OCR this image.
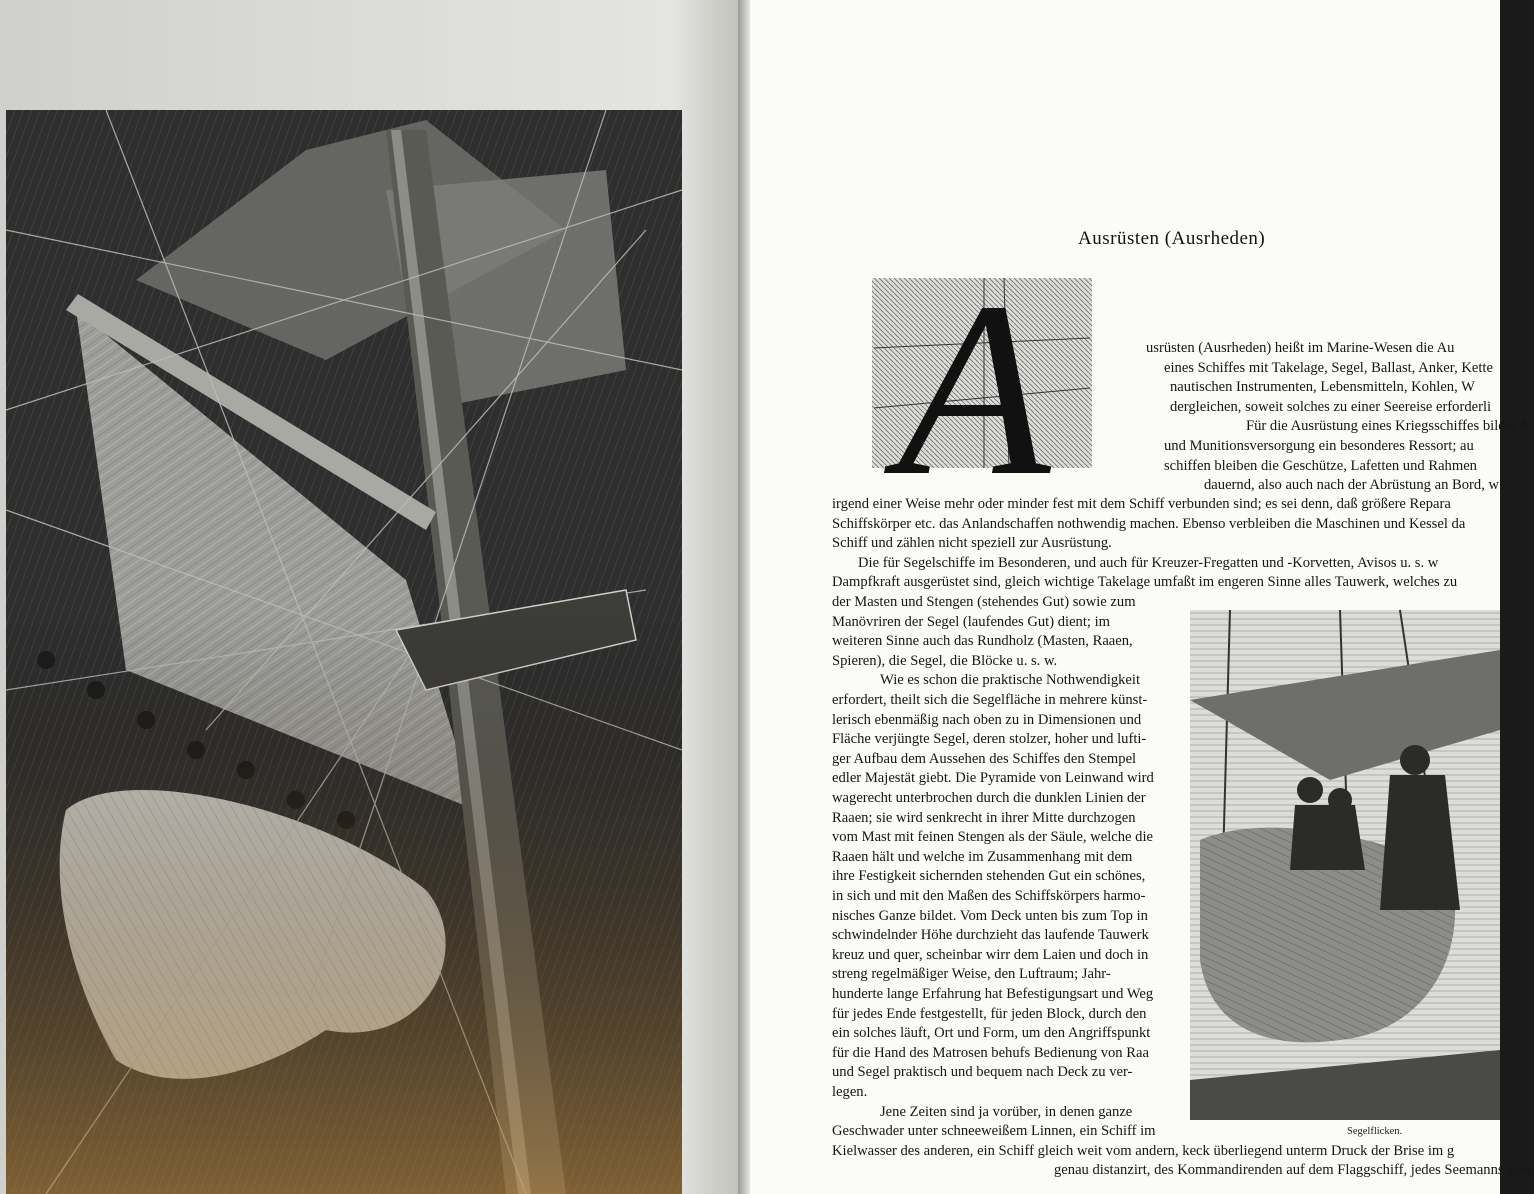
Ausrüsten (Ausrheden)
A	usrüsten (Ausrheden) heißt im Marine-Wesen die Au
eines Schiffes mit Takelage, Segel, Ballast, Anker, Kette
nautischen Instrumenten, Lebensmitteln, Kohlen, W
dergleichen, soweit solches zu einer Seereise erforderli
Für die Ausrüstung eines Kriegsschiffes bildet A
und Munitionsversorgung ein besonderes Ressort; au
schiffen bleiben die Geschütze, Lafetten und Rahmen
dauernd, also auch nach der Abrüstung an Bord, w
irgend einer Weise mehr oder minder fest mit dem Schiff verbunden sind; es sei denn, daß größere Repara
Schiffskörper etc. das Anlandschaffen nothwendig machen. Ebenso verbleiben die Maschinen und Kessel da
Schiff und zählen nicht speziell zur Ausrüstung.
Die für Segelschiffe im Besonderen, und auch für Kreuzer-Fregatten und -Korvetten, Avisos u. s. w
Dampfkraft ausgerüstet sind, gleich wichtige Takelage umfaßt im engeren Sinne alles Tauwerk, welches zu
der Masten und Stengen (stehendes Gut) sowie zum
Manövriren der Segel (laufendes Gut) dient; im
weiteren Sinne auch das Rundholz (Masten, Raaen,
Spieren), die Segel, die Blöcke u. s. w.
Wie es schon die praktische Nothwendigkeit
erfordert, theilt sich die Segelfläche in mehrere künst-
lerisch ebenmäßig nach oben zu in Dimensionen und
Fläche verjüngte Segel, deren stolzer, hoher und lufti-
ger Aufbau dem Aussehen des Schiffes den Stempel
edler Majestät giebt. Die Pyramide von Leinwand wird
wagerecht unterbrochen durch die dunklen Linien der
Raaen; sie wird senkrecht in ihrer Mitte durchzogen
vom Mast mit feinen Stengen als der Säule, welche die
Raaen hält und welche im Zusammenhang mit dem
ihre Festigkeit sichernden stehenden Gut ein schönes,
in sich und mit den Maßen des Schiffskörpers harmo-
nisches Ganze bildet. Vom Deck unten bis zum Top in
schwindelnder Höhe durchzieht das laufende Tauwerk
kreuz und quer, scheinbar wirr dem Laien und doch in
streng regelmäßiger Weise, den Luftraum; Jahr-
hunderte lange Erfahrung hat Befestigungsart und Weg
für jedes Ende festgestellt, für jeden Block, durch den
ein solches läuft, Ort und Form, um den Angriffspunkt
für die Hand des Matrosen behufs Bedienung von Raa
und Segel praktisch und bequem nach Deck zu ver-
legen.
Jene Zeiten sind ja vorüber, in denen ganze
Geschwader unter schneeweißem Linnen, ein Schiff im
Kielwasser des anderen, ein Schiff gleich weit vom andern, keck überliegend unterm Druck der Brise im g
genau distanzirt, des Kommandirenden auf dem Flaggschiff, jedes Seemanns Freu
Segelflicken.
